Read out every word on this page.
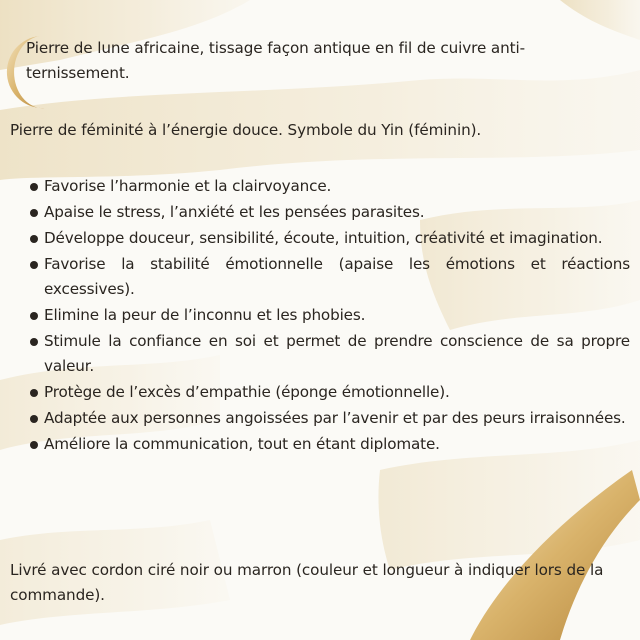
Pierre de lune africaine, tissage façon antique en fil de cuivre anti-ternissement.

Pierre de féminité à l’énergie douce. Symbole du Yin (féminin).

Favorise l’harmonie et la clairvoyance.
Apaise le stress, l’anxiété et les pensées parasites.
Développe douceur, sensibilité, écoute, intuition, créativité et imagination.
Favorise la stabilité émotionnelle (apaise les émotions et réactions excessives).
Elimine la peur de l’inconnu et les phobies.
Stimule la confiance en soi et permet de prendre conscience de sa propre valeur.
Protège de l’excès d’empathie (éponge émotionnelle).
Adaptée aux personnes angoissées par l’avenir et par des peurs irraisonnées.
Améliore la communication, tout en étant diplomate.

Livré avec cordon ciré noir ou marron (couleur et longueur à indiquer lors de la commande).
